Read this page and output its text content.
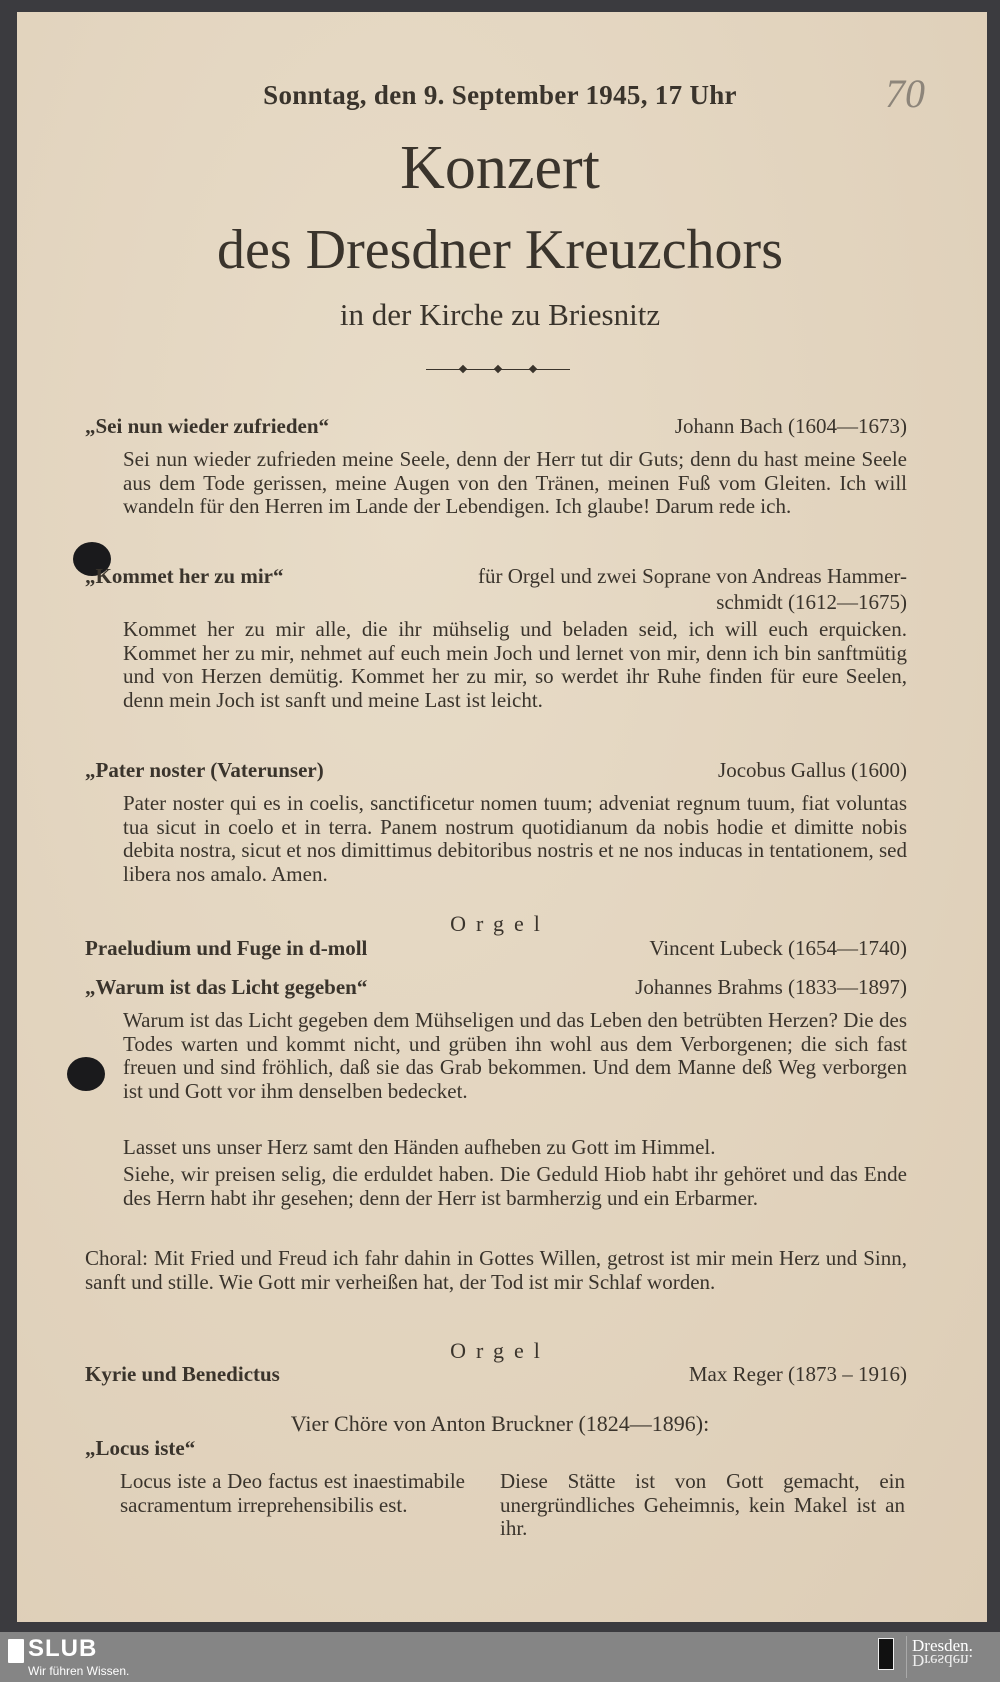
70
Sonntag, den 9. September 1945, 17 Uhr
Konzert
des Dresdner Kreuzchors
in der Kirche zu Briesnitz
„Sei nun wieder zufrieden“	Johann Bach (1604—1673)
Sei nun wieder zufrieden meine Seele, denn der Herr tut dir Guts; denn du hast meine Seele aus dem Tode gerissen, meine Augen von den Tränen, meinen Fuß vom Gleiten. Ich will wandeln für den Herren im Lande der Lebendigen. Ich glaube! Darum rede ich.
„Kommet her zu mir“	für Orgel und zwei Soprane von Andreas Hammer-
schmidt (1612—1675)
Kommet her zu mir alle, die ihr mühselig und beladen seid, ich will euch erquicken. Kommet her zu mir, nehmet auf euch mein Joch und lernet von mir, denn ich bin sanftmütig und von Herzen demütig. Kommet her zu mir, so werdet ihr Ruhe finden für eure Seelen, denn mein Joch ist sanft und meine Last ist leicht.
„Pater noster (Vaterunser)	Jocobus Gallus (1600)
Pater noster qui es in coelis, sanctificetur nomen tuum; adveniat regnum tuum, fiat voluntas tua sicut in coelo et in terra. Panem nostrum quotidianum da nobis hodie et dimitte nobis debita nostra, sicut et nos dimittimus debitoribus nostris et ne nos inducas in tentationem, sed libera nos amalo. Amen.
Orgel
Praeludium und Fuge in d-moll	Vincent Lubeck (1654—1740)
„Warum ist das Licht gegeben“	Johannes Brahms (1833—1897)
Warum ist das Licht gegeben dem Mühseligen und das Leben den betrübten Herzen? Die des Todes warten und kommt nicht, und grüben ihn wohl aus dem Verborgenen; die sich fast freuen und sind fröhlich, daß sie das Grab bekommen. Und dem Manne deß Weg verborgen ist und Gott vor ihm denselben bedecket.
Lasset uns unser Herz samt den Händen aufheben zu Gott im Himmel.
Siehe, wir preisen selig, die erduldet haben. Die Geduld Hiob habt ihr gehöret und das Ende des Herrn habt ihr gesehen; denn der Herr ist barmherzig und ein Erbarmer.
Choral: Mit Fried und Freud ich fahr dahin in Gottes Willen, getrost ist mir mein Herz und Sinn, sanft und stille. Wie Gott mir verheißen hat, der Tod ist mir Schlaf worden.
Orgel
Kyrie und Benedictus	Max Reger (1873 – 1916)
Vier Chöre von Anton Bruckner (1824—1896):
„Locus iste“
Locus iste a Deo factus est inaestimabile sacramentum irreprehensibilis est.
Diese Stätte ist von Gott gemacht, ein unergründliches Geheimnis, kein Makel ist an ihr.
SLUB
Wir führen Wissen.
Dresden.
Dresden.
